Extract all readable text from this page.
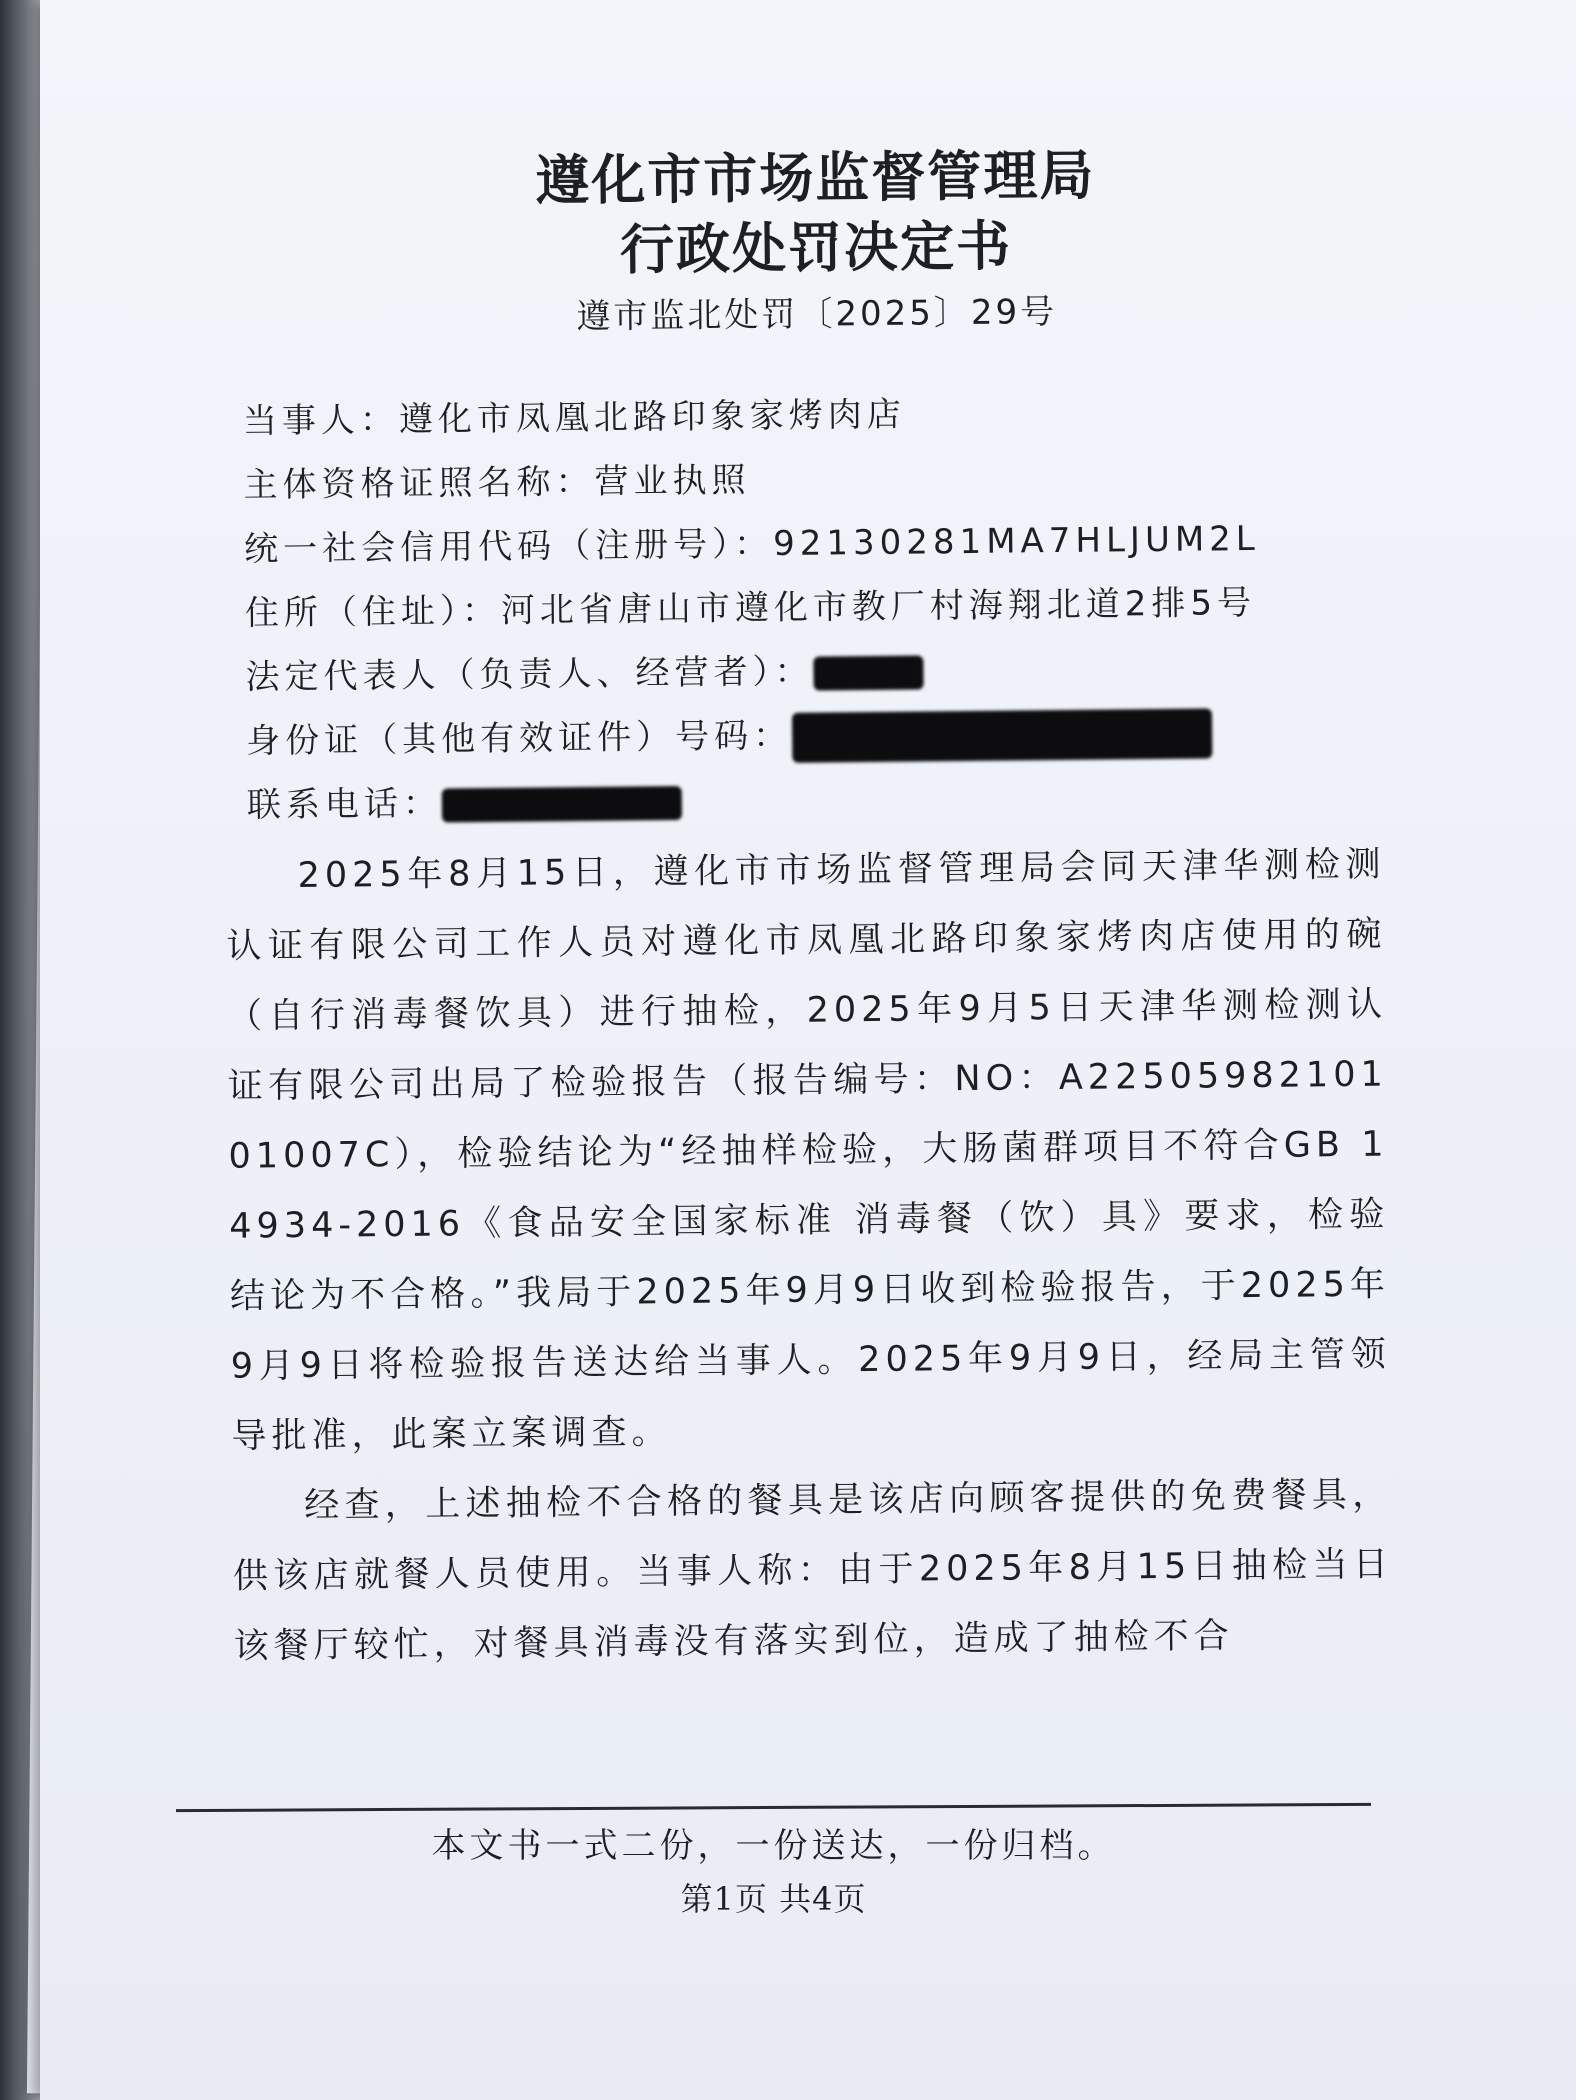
遵化市市场监督管理局
行政处罚决定书
遵市监北处罚〔2025〕29号
当事人：遵化市凤凰北路印象家烤肉店
主体资格证照名称：营业执照
统一社会信用代码（注册号）：92130281MA7HLJUM2L
住所（住址）：河北省唐山市遵化市教厂村海翔北道2排5号
法定代表人（负责人、经营者）：
身份证（其他有效证件）号码：
联系电话：

2025年8月15日，遵化市市场监督管理局会同天津华测检测认证有限公司工作人员对遵化市凤凰北路印象家烤肉店使用的碗（自行消毒餐饮具）进行抽检，2025年9月5日天津华测检测认证有限公司出局了检验报告（报告编号：NO：A2250598210101007C），检验结论为“经抽样检验，大肠菌群项目不符合GB 14934-2016《食品安全国家标准 消毒餐（饮）具》要求，检验结论为不合格。”我局于2025年9月9日收到检验报告，于2025年9月9日将检验报告送达给当事人。2025年9月9日，经局主管领导批准，此案立案调查。

经查，上述抽检不合格的餐具是该店向顾客提供的免费餐具，供该店就餐人员使用。当事人称：由于2025年8月15日抽检当日该餐厅较忙，对餐具消毒没有落实到位，造成了抽检不合

本文书一式二份，一份送达，一份归档。
第1页 共4页
